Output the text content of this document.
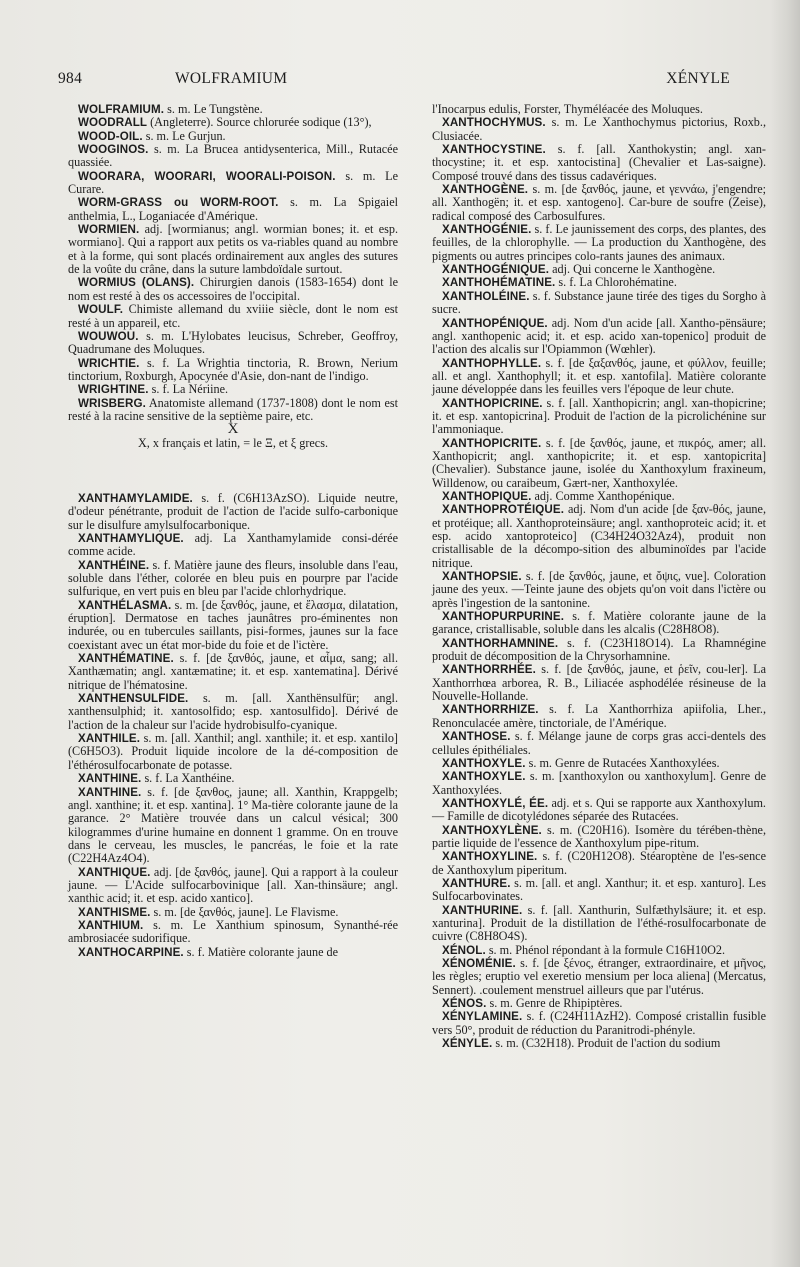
984	WOLFRAMIUM	XÉNYLE

WOLFRAMIUM. s. m. Le Tungstène.

WOODRALL (Angleterre). Source chlorurée sodique (13°),

WOOD-OIL. s. m. Le Gurjun.

WOOGINOS. s. m. La Brucea antidysenterica, Mill., Rutacée quassiée.

WOORARA, WOORARI, WOORALI-POISON. s. m. Le Curare.

WORM-GRASS ou WORM-ROOT. s. m. La Spigaiel anthelmia, L., Loganiacée d'Amérique.

WORMIEN. adj. [wormianus; angl. wormian bones; it. et esp. wormiano]. Qui a rapport aux petits os va-riables quand au nombre et à la forme, qui sont placés ordinairement aux angles des sutures de la voûte du crâne, dans la suture lambdoïdale surtout.

WORMIUS (OLANS). Chirurgien danois (1583-1654) dont le nom est resté à des os accessoires de l'occipital.

WOULF. Chimiste allemand du xviiie siècle, dont le nom est resté à un appareil, etc.

WOUWOU. s. m. L'Hylobates leucisus, Schreber, Geoffroy, Quadrumane des Moluques.

WRICHTIE. s. f. La Wrightia tinctoria, R. Brown, Nerium tinctorium, Roxburgh, Apocynée d'Asie, don-nant de l'indigo.

WRIGHTINE. s. f. La Nériine.

WRISBERG. Anatomiste allemand (1737-1808) dont le nom est resté à la racine sensitive de la septième paire, etc.

X

X, x français et latin, = le Ξ, et ξ grecs.

XANTHAMYLAMIDE. s. f. (C6H13AzSO). Liquide neutre, d'odeur pénétrante, produit de l'action de l'acide sulfo-carbonique sur le disulfure amylsulfocarbonique.

XANTHAMYLIQUE. adj. La Xanthamylamide consi-dérée comme acide.

XANTHÉINE. s. f. Matière jaune des fleurs, insoluble dans l'eau, soluble dans l'éther, colorée en bleu puis en pourpre par l'acide sulfurique, en vert puis en bleu par l'acide chlorhydrique.

XANTHÉLASMA. s. m. [de ξανθός, jaune, et ἔλασμα, dilatation, éruption]. Dermatose en taches jaunâtres pro-éminentes non indurée, ou en tubercules saillants, pisi-formes, jaunes sur la face coexistant avec un état mor-bide du foie et de l'ictère.

XANTHÉMATINE. s. f. [de ξανθός, jaune, et αἷμα, sang; all. Xanthæmatin; angl. xantæmatine; it. et esp. xantematina]. Dérivé nitrique de l'hématosine.

XANTHENSULFIDE. s. m. [all. Xanthënsulfür; angl. xanthensulphid; it. xantosolfido; esp. xantosulfido]. Dérivé de l'action de la chaleur sur l'acide hydrobisulfo-cyanique.

XANTHILE. s. m. [all. Xanthil; angl. xanthile; it. et esp. xantilo] (C6H5O3). Produit liquide incolore de la dé-composition de l'éthérosulfocarbonate de potasse.

XANTHINE. s. f. La Xanthéine.

XANTHINE. s. f. [de ξανθος, jaune; all. Xanthin, Krappgelb; angl. xanthine; it. et esp. xantina]. 1° Ma-tière colorante jaune de la garance. 2° Matière trouvée dans un calcul vésical; 300 kilogrammes d'urine humaine en donnent 1 gramme. On en trouve dans le cerveau, les muscles, le pancréas, le foie et la rate (C22H4Az4O4).

XANTHIQUE. adj. [de ξανθός, jaune]. Qui a rapport à la couleur jaune. — L'Acide sulfocarbovinique [all. Xan-thinsäure; angl. xanthic acid; it. et esp. acido xantico].

XANTHISME. s. m. [de ξανθός, jaune]. Le Flavisme.

XANTHIUM. s. m. Le Xanthium spinosum, Synanthé-rée ambrosiacée sudorifique.

XANTHOCARPINE. s. f. Matière colorante jaune de

l'Inocarpus edulis, Forster, Thyméléacée des Moluques.

XANTHOCHYMUS. s. m. Le Xanthochymus pictorius, Roxb., Clusiacée.

XANTHOCYSTINE. s. f. [all. Xanthokystin; angl. xan-thocystine; it. et esp. xantocistina] (Chevalier et Las-saigne). Composé trouvé dans des tissus cadavériques.

XANTHOGÈNE. s. m. [de ξανθός, jaune, et γεννάω, j'engendre; all. Xanthogën; it. et esp. xantogeno]. Car-bure de soufre (Zeise), radical composé des Carbosulfures.

XANTHOGÉNIE. s. f. Le jaunissement des corps, des plantes, des feuilles, de la chlorophylle. — La production du Xanthogène, des pigments ou autres principes colo-rants jaunes des animaux.

XANTHOGÉNIQUE. adj. Qui concerne le Xanthogène.

XANTHOHÉMATINE. s. f. La Chlorohématine.

XANTHOLÉINE. s. f. Substance jaune tirée des tiges du Sorgho à sucre.

XANTHOPÉNIQUE. adj. Nom d'un acide [all. Xantho-pënsäure; angl. xanthopenic acid; it. et esp. acido xan-topenico] produit de l'action des alcalis sur l'Opiammon (Wœhler).

XANTHOPHYLLE. s. f. [de ξαξανθός, jaune, et φύλλον, feuille; all. et angl. Xanthophyll; it. et esp. xantofila]. Matière colorante jaune développée dans les feuilles vers l'époque de leur chute.

XANTHOPICRINE. s. f. [all. Xanthopicrin; angl. xan-thopicrine; it. et esp. xantopicrina]. Produit de l'action de la picrolichénine sur l'ammoniaque.

XANTHOPICRITE. s. f. [de ξανθός, jaune, et πικρός, amer; all. Xanthopicrit; angl. xanthopicrite; it. et esp. xantopicrita] (Chevalier). Substance jaune, isolée du Xanthoxylum fraxineum, Willdenow, ou caraibeum, Gært-ner, Xanthoxylée.

XANTHOPIQUE. adj. Comme Xanthopénique.

XANTHOPROTÉIQUE. adj. Nom d'un acide [de ξαν-θός, jaune, et protéique; all. Xanthoproteinsäure; angl. xanthoproteic acid; it. et esp. acido xantoproteico] (C34H24O32Az4), produit non cristallisable de la décompo-sition des albuminoïdes par l'acide nitrique.

XANTHOPSIE. s. f. [de ξανθός, jaune, et ὄψις, vue]. Coloration jaune des yeux. —Teinte jaune des objets qu'on voit dans l'ictère ou après l'ingestion de la santonine.

XANTHOPURPURINE. s. f. Matière colorante jaune de la garance, cristallisable, soluble dans les alcalis (C28H8O8).

XANTHORHAMNINE. s. f. (C23H18O14). La Rhamnégine produit de décomposition de la Chrysorhamnine.

XANTHORRHÉE. s. f. [de ξανθός, jaune, et ῥεῖν, cou-ler]. La Xanthorrhœa arborea, R. B., Liliacée asphodélée résineuse de la Nouvelle-Hollande.

XANTHORRHIZE. s. f. La Xanthorrhiza apiifolia, Lher., Renonculacée amère, tinctoriale, de l'Amérique.

XANTHOSE. s. f. Mélange jaune de corps gras acci-dentels des cellules épithéliales.

XANTHOXYLE. s. m. Genre de Rutacées Xanthoxylées.

XANTHOXYLE. s. m. [xanthoxylon ou xanthoxylum]. Genre de Xanthoxylées.

XANTHOXYLÉ, ÉE. adj. et s. Qui se rapporte aux Xanthoxylum. — Famille de dicotylédones séparée des Rutacées.

XANTHOXYLÈNE. s. m. (C20H16). Isomère du térében-thène, partie liquide de l'essence de Xanthoxylum pipe-ritum.

XANTHOXYLINE. s. f. (C20H12O8). Stéaroptène de l'es-sence de Xanthoxylum piperitum.

XANTHURE. s. m. [all. et angl. Xanthur; it. et esp. xanturo]. Les Sulfocarbovinates.

XANTHURINE. s. f. [all. Xanthurin, Sulfæthylsäure; it. et esp. xanturina]. Produit de la distillation de l'éthé-rosulfocarbonate de cuivre (C8H8O4S).

XÉNOL. s. m. Phénol répondant à la formule C16H10O2.

XÉNOMÉNIE. s. f. [de ξένος, étranger, extraordinaire, et μῆνος, les règles; eruptio vel exeretio mensium per loca aliena] (Mercatus, Sennert). .coulement menstruel ailleurs que par l'utérus.

XÉNOS. s. m. Genre de Rhipiptères.

XÉNYLAMINE. s. f. (C24H11AzH2). Composé cristallin fusible vers 50°, produit de réduction du Paranitrodi-phényle.

XÉNYLE. s. m. (C32H18). Produit de l'action du sodium
